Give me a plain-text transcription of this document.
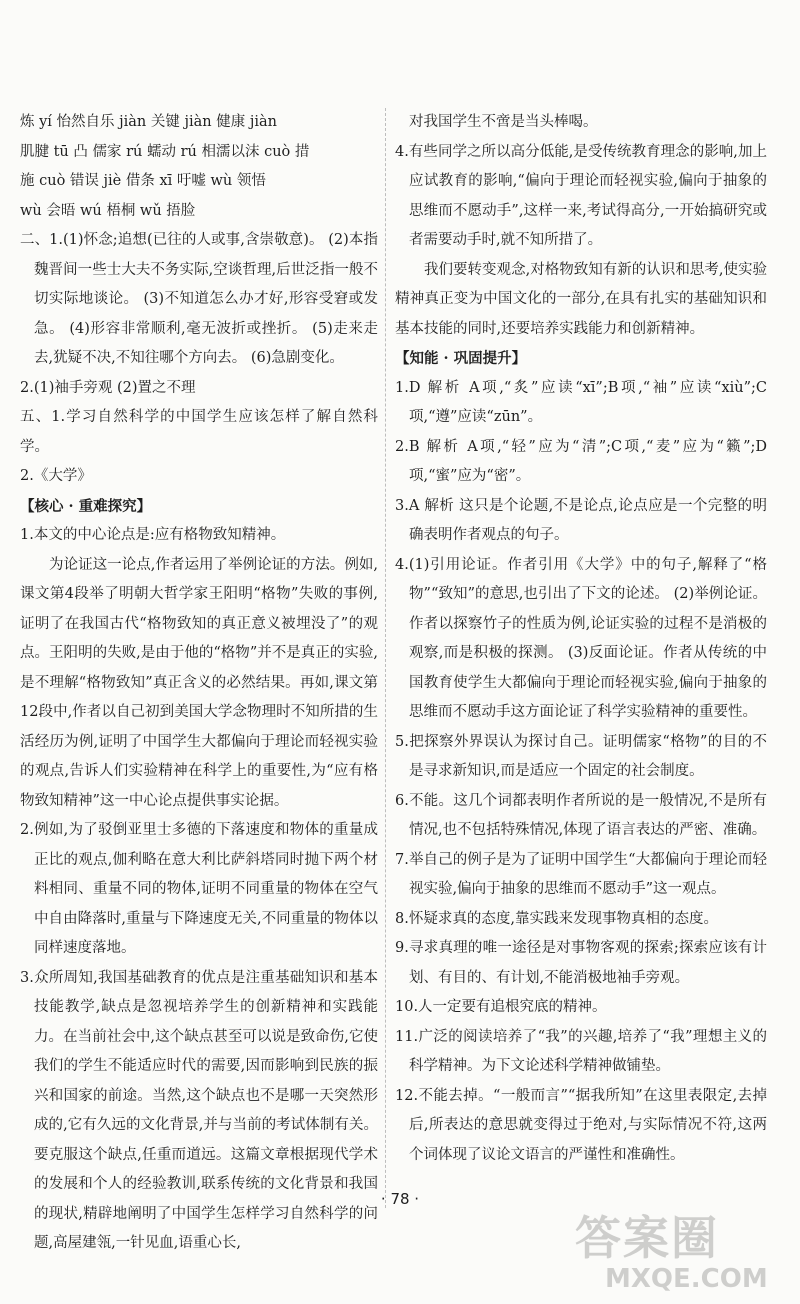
炼 yí 怡然自乐 jiàn 关键 jiàn 健康 jiàn

肌腱 tū 凸 儒家 rú 蠕动 rú 相濡以沫 cuò 措

施 cuò 错误 jiè 借条 xī 吁嘘 wù 领悟

wù 会晤 wú 梧桐 wǔ 捂脸

二、1.(1)怀念;追想(已往的人或事,含崇敬意)。 (2)本指魏晋间一些士大夫不务实际,空谈哲理,后世泛指一般不切实际地谈论。 (3)不知道怎么办才好,形容受窘或发急。 (4)形容非常顺利,毫无波折或挫折。 (5)走来走去,犹疑不决,不知往哪个方向去。 (6)急剧变化。

2.(1)袖手旁观 (2)置之不理

五、1.学习自然科学的中国学生应该怎样了解自然科学。

2.《大学》

【核心 · 重难探究】

1.本文的中心论点是:应有格物致知精神。

为论证这一论点,作者运用了举例论证的方法。例如,课文第4段举了明朝大哲学家王阳明“格物”失败的事例,证明了在我国古代“格物致知的真正意义被埋没了”的观点。王阳明的失败,是由于他的“格物”并不是真正的实验,是不理解“格物致知”真正含义的必然结果。再如,课文第12段中,作者以自己初到美国大学念物理时不知所措的生活经历为例,证明了中国学生大都偏向于理论而轻视实验的观点,告诉人们实验精神在科学上的重要性,为“应有格物致知精神”这一中心论点提供事实论据。

2.例如,为了驳倒亚里士多德的下落速度和物体的重量成正比的观点,伽利略在意大利比萨斜塔同时抛下两个材料相同、重量不同的物体,证明不同重量的物体在空气中自由降落时,重量与下降速度无关,不同重量的物体以同样速度落地。

3.众所周知,我国基础教育的优点是注重基础知识和基本技能教学,缺点是忽视培养学生的创新精神和实践能力。在当前社会中,这个缺点甚至可以说是致命伤,它使我们的学生不能适应时代的需要,因而影响到民族的振兴和国家的前途。当然,这个缺点也不是哪一天突然形成的,它有久远的文化背景,并与当前的考试体制有关。要克服这个缺点,任重而道远。这篇文章根据现代学术的发展和个人的经验教训,联系传统的文化背景和我国的现状,精辟地阐明了中国学生怎样学习自然科学的问题,高屋建瓴,一针见血,语重心长,

对我国学生不啻是当头棒喝。

4.有些同学之所以高分低能,是受传统教育理念的影响,加上应试教育的影响,“偏向于理论而轻视实验,偏向于抽象的思维而不愿动手”,这样一来,考试得高分,一开始搞研究或者需要动手时,就不知所措了。

我们要转变观念,对格物致知有新的认识和思考,使实验精神真正变为中国文化的一部分,在具有扎实的基础知识和基本技能的同时,还要培养实践能力和创新精神。

【知能 · 巩固提升】

1.D 解析 A项,“炙”应读“xī”;B项,“袖”应读“xiù”;C项,“遵”应读“zūn”。

2.B 解析 A项,“轻”应为“清”;C项,“麦”应为“籁”;D项,“蜜”应为“密”。

3.A 解析 这只是个论题,不是论点,论点应是一个完整的明确表明作者观点的句子。

4.(1)引用论证。作者引用《大学》中的句子,解释了“格物”“致知”的意思,也引出了下文的论述。 (2)举例论证。作者以探察竹子的性质为例,论证实验的过程不是消极的观察,而是积极的探测。 (3)反面论证。作者从传统的中国教育使学生大都偏向于理论而轻视实验,偏向于抽象的思维而不愿动手这方面论证了科学实验精神的重要性。

5.把探察外界误认为探讨自己。证明儒家“格物”的目的不是寻求新知识,而是适应一个固定的社会制度。

6.不能。这几个词都表明作者所说的是一般情况,不是所有情况,也不包括特殊情况,体现了语言表达的严密、准确。

7.举自己的例子是为了证明中国学生“大都偏向于理论而轻视实验,偏向于抽象的思维而不愿动手”这一观点。

8.怀疑求真的态度,靠实践来发现事物真相的态度。

9.寻求真理的唯一途径是对事物客观的探索;探索应该有计划、有目的、有计划,不能消极地袖手旁观。

10.人一定要有追根究底的精神。

11.广泛的阅读培养了“我”的兴趣,培养了“我”理想主义的科学精神。为下文论述科学精神做铺垫。

12.不能去掉。“一般而言”“据我所知”在这里表限定,去掉后,所表达的意思就变得过于绝对,与实际情况不符,这两个词体现了议论文语言的严谨性和准确性。

· 78 ·
答案圈
MXQE.COM
